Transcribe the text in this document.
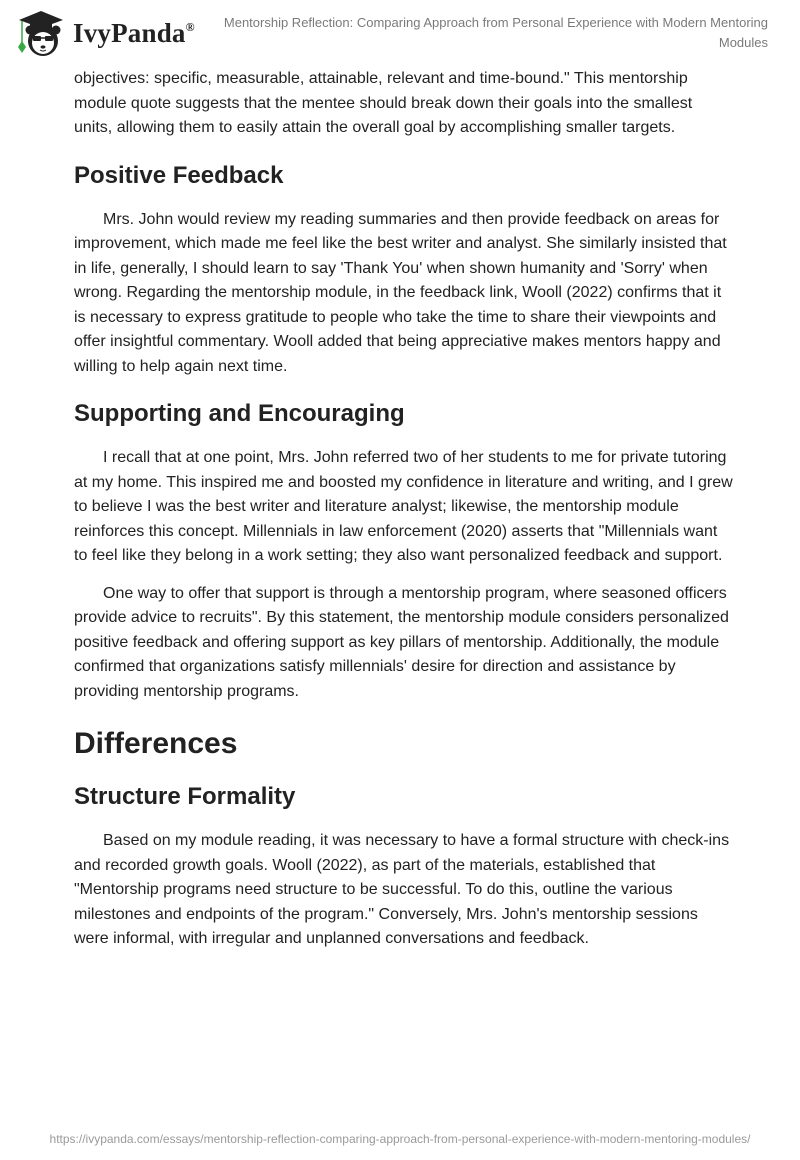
IvyPanda®	Mentorship Reflection: Comparing Approach from Personal Experience with Modern Mentoring Modules

objectives: specific, measurable, attainable, relevant and time-bound." This mentorship module quote suggests that the mentee should break down their goals into the smallest units, allowing them to easily attain the overall goal by accomplishing smaller targets.

Positive Feedback

Mrs. John would review my reading summaries and then provide feedback on areas for improvement, which made me feel like the best writer and analyst. She similarly insisted that in life, generally, I should learn to say 'Thank You' when shown humanity and 'Sorry' when wrong. Regarding the mentorship module, in the feedback link, Wooll (2022) confirms that it is necessary to express gratitude to people who take the time to share their viewpoints and offer insightful commentary. Wooll added that being appreciative makes mentors happy and willing to help again next time.

Supporting and Encouraging

I recall that at one point, Mrs. John referred two of her students to me for private tutoring at my home. This inspired me and boosted my confidence in literature and writing, and I grew to believe I was the best writer and literature analyst; likewise, the mentorship module reinforces this concept. Millennials in law enforcement (2020) asserts that "Millennials want to feel like they belong in a work setting; they also want personalized feedback and support.

One way to offer that support is through a mentorship program, where seasoned officers provide advice to recruits". By this statement, the mentorship module considers personalized positive feedback and offering support as key pillars of mentorship. Additionally, the module confirmed that organizations satisfy millennials' desire for direction and assistance by providing mentorship programs.

Differences
Structure Formality

Based on my module reading, it was necessary to have a formal structure with check-ins and recorded growth goals. Wooll (2022), as part of the materials, established that "Mentorship programs need structure to be successful. To do this, outline the various milestones and endpoints of the program." Conversely, Mrs. John's mentorship sessions were informal, with irregular and unplanned conversations and feedback.

https://ivypanda.com/essays/mentorship-reflection-comparing-approach-from-personal-experience-with-modern-mentoring-modules/
